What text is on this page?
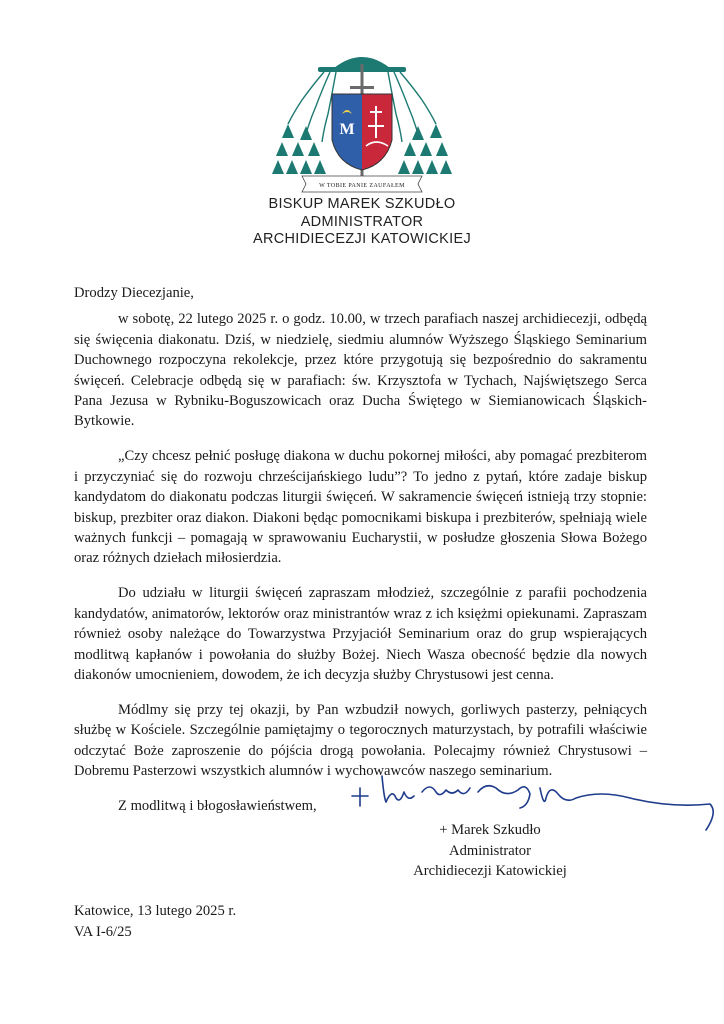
M
W TOBIE PANIE ZAUFAŁEM
BISKUP MAREK SZKUDŁO
ADMINISTRATOR
ARCHIDIECEZJI KATOWICKIEJ

Drodzy Diecezjanie,

w sobotę, 22 lutego 2025 r. o godz. 10.00, w trzech parafiach naszej archidiecezji, odbędą się święcenia diakonatu. Dziś, w niedzielę, siedmiu alumnów Wyższego Śląskiego Seminarium Duchownego rozpoczyna rekolekcje, przez które przygotują się bezpośrednio do sakramentu święceń. Celebracje odbędą się w parafiach: św. Krzysztofa w Tychach, Najświętszego Serca Pana Jezusa w Rybniku-Boguszowicach oraz Ducha Świętego w Siemianowicach Śląskich-Bytkowie.

„Czy chcesz pełnić posługę diakona w duchu pokornej miłości, aby pomagać prezbiterom i przyczyniać się do rozwoju chrześcijańskiego ludu”? To jedno z pytań, które zadaje biskup kandydatom do diakonatu podczas liturgii święceń. W sakramencie święceń istnieją trzy stopnie: biskup, prezbiter oraz diakon. Diakoni będąc pomocnikami biskupa i prezbiterów, spełniają wiele ważnych funkcji – pomagają w sprawowaniu Eucharystii, w posłudze głoszenia Słowa Bożego oraz różnych dziełach miłosierdzia.

Do udziału w liturgii święceń zapraszam młodzież, szczególnie z parafii pochodzenia kandydatów, animatorów, lektorów oraz ministrantów wraz z ich księżmi opiekunami. Zapraszam również osoby należące do Towarzystwa Przyjaciół Seminarium oraz do grup wspierających modlitwą kapłanów i powołania do służby Bożej. Niech Wasza obecność będzie dla nowych diakonów umocnieniem, dowodem, że ich decyzja służby Chrystusowi jest cenna.

Módlmy się przy tej okazji, by Pan wzbudził nowych, gorliwych pasterzy, pełniących służbę w Kościele. Szczególnie pamiętajmy o tegorocznych maturzystach, by potrafili właściwie odczytać Boże zaproszenie do pójścia drogą powołania. Polecajmy również Chrystusowi – Dobremu Pasterzowi wszystkich alumnów i wychowawców naszego seminarium.

Z modlitwą i błogosławieństwem,

+ Marek Szkudło
Administrator
Archidiecezji Katowickiej
Katowice, 13 lutego 2025 r.
VA I-6/25
